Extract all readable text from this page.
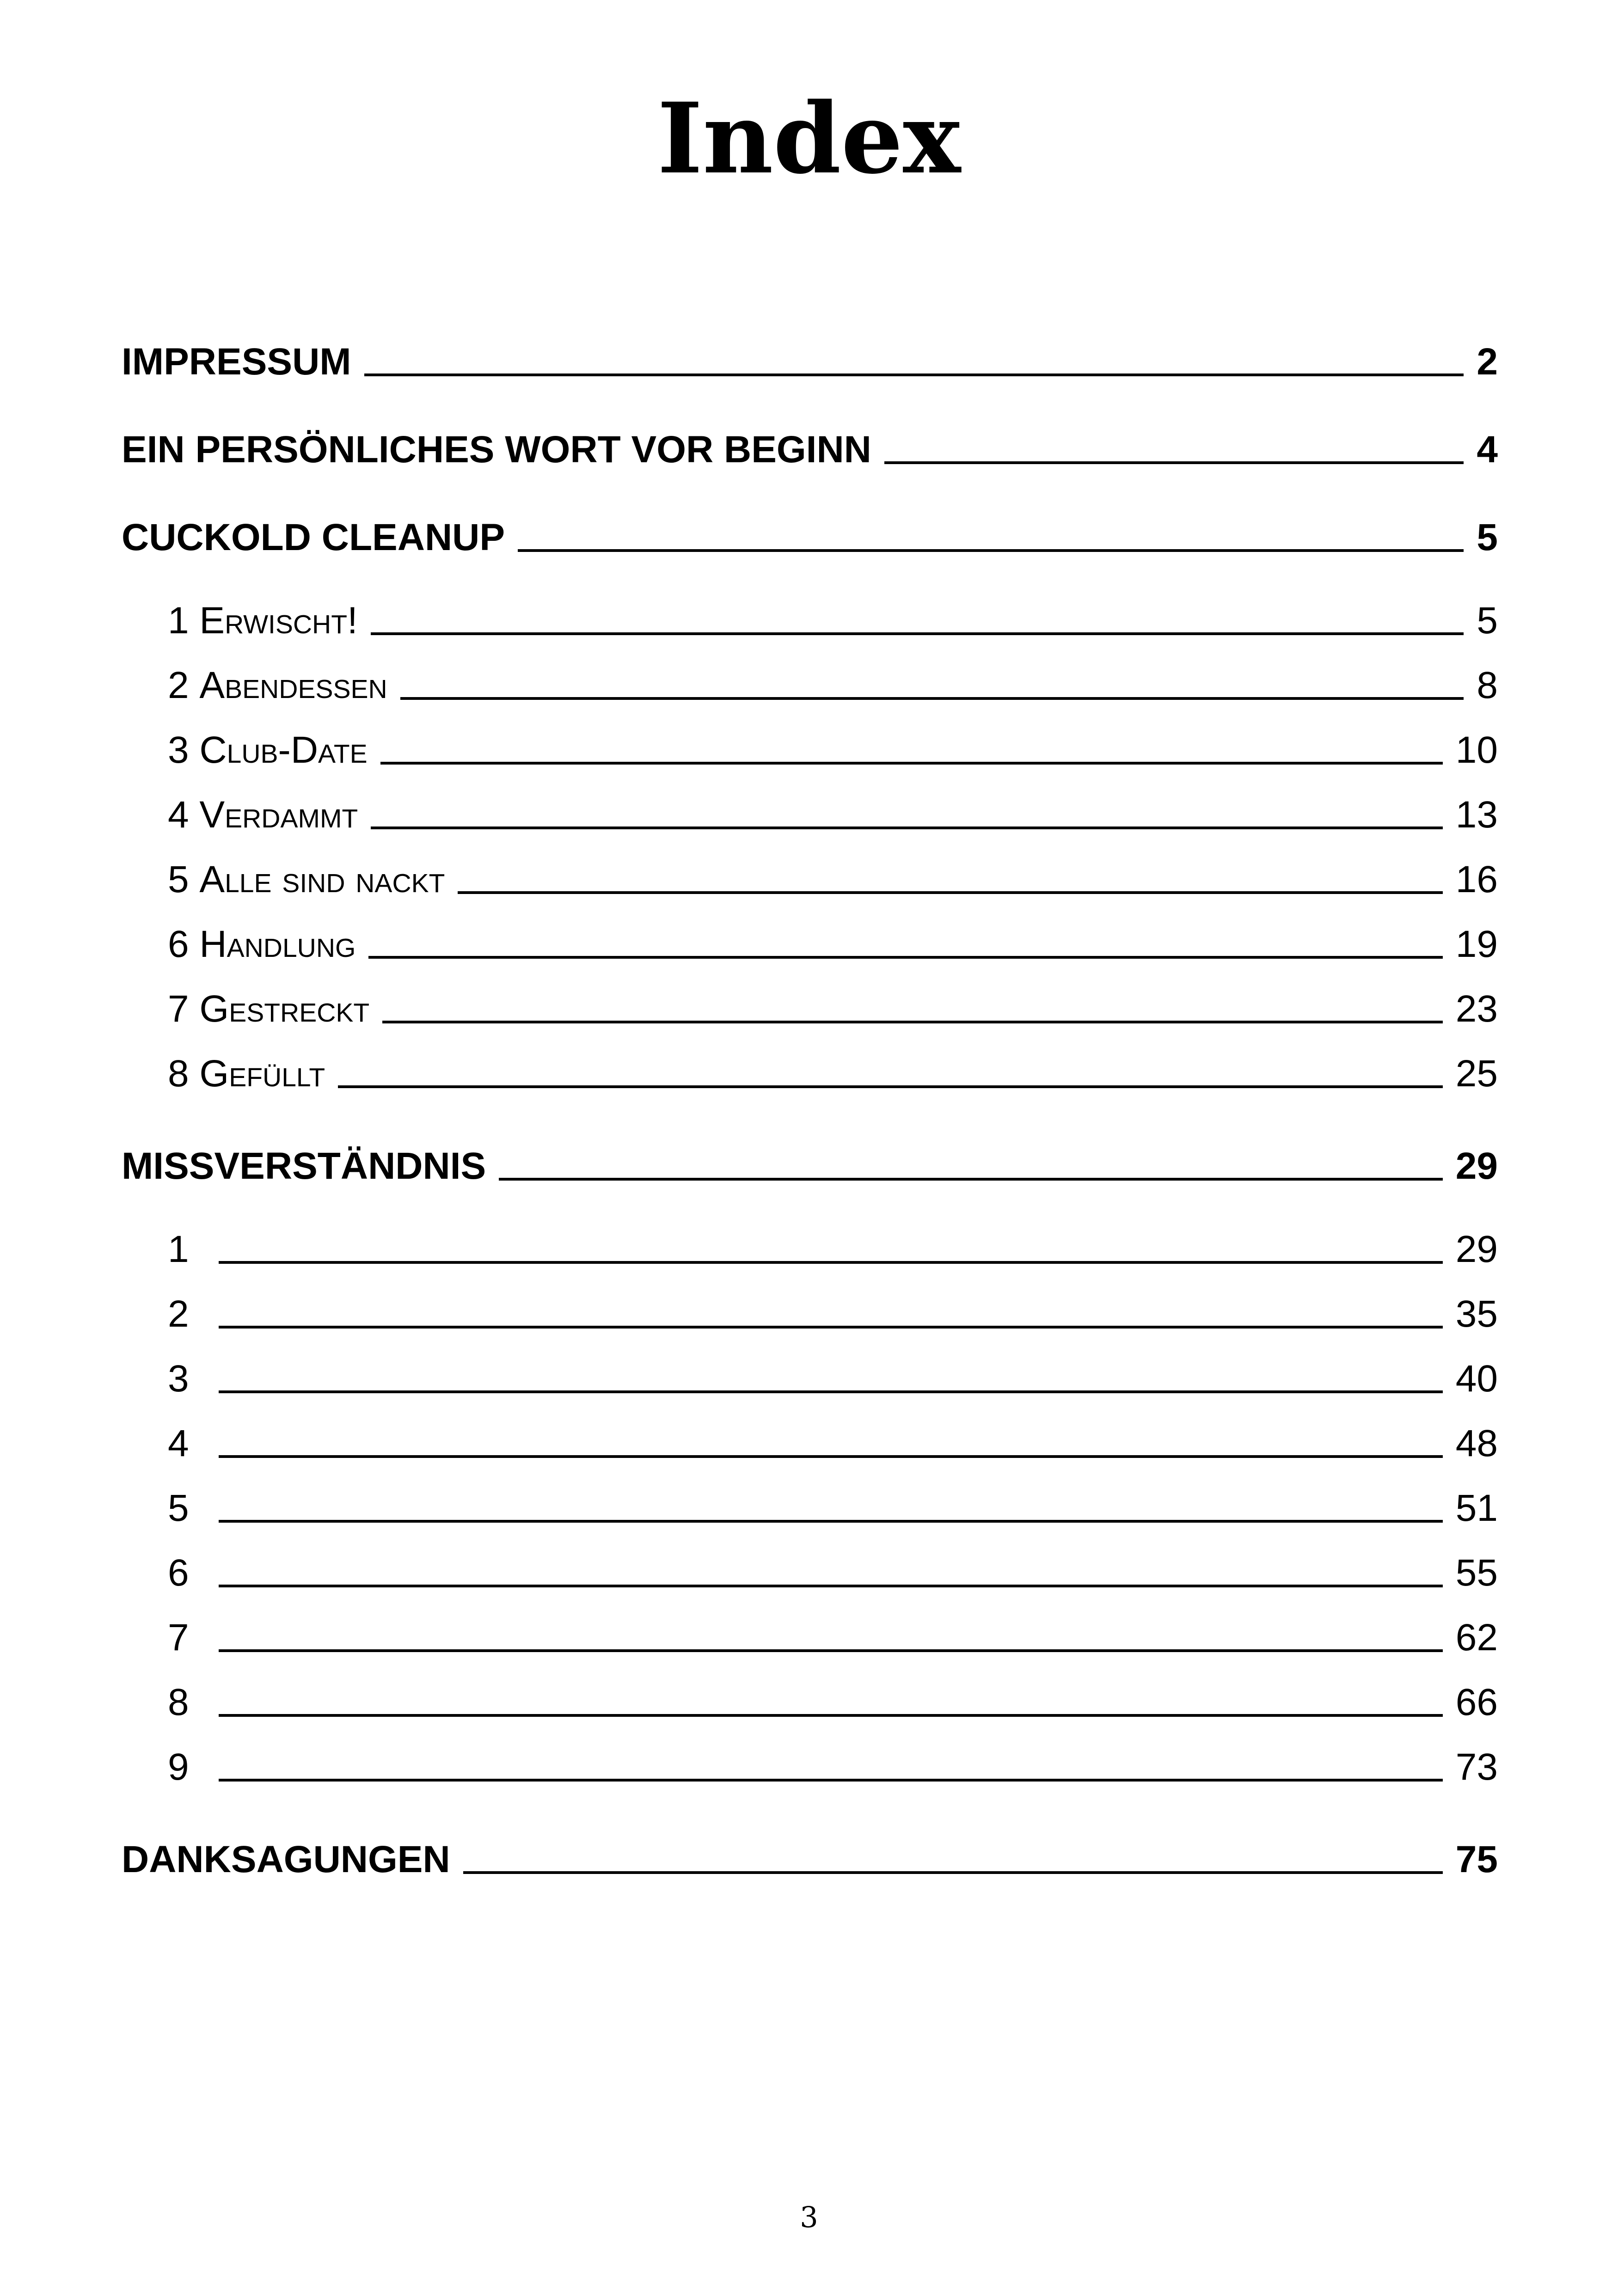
Index
IMPRESSUM	2
EIN PERSÖNLICHES WORT VOR BEGINN	4
CUCKOLD CLEANUP	5
1 Erwischt!	5
2 Abendessen	8
3 Club-Date	10
4 Verdammt	13
5 Alle sind nackt	16
6 Handlung	19
7 Gestreckt	23
8 Gefüllt	25
MISSVERSTÄNDNIS	29
1	29
2	35
3	40
4	48
5	51
6	55
7	62
8	66
9	73
DANKSAGUNGEN	75
3
